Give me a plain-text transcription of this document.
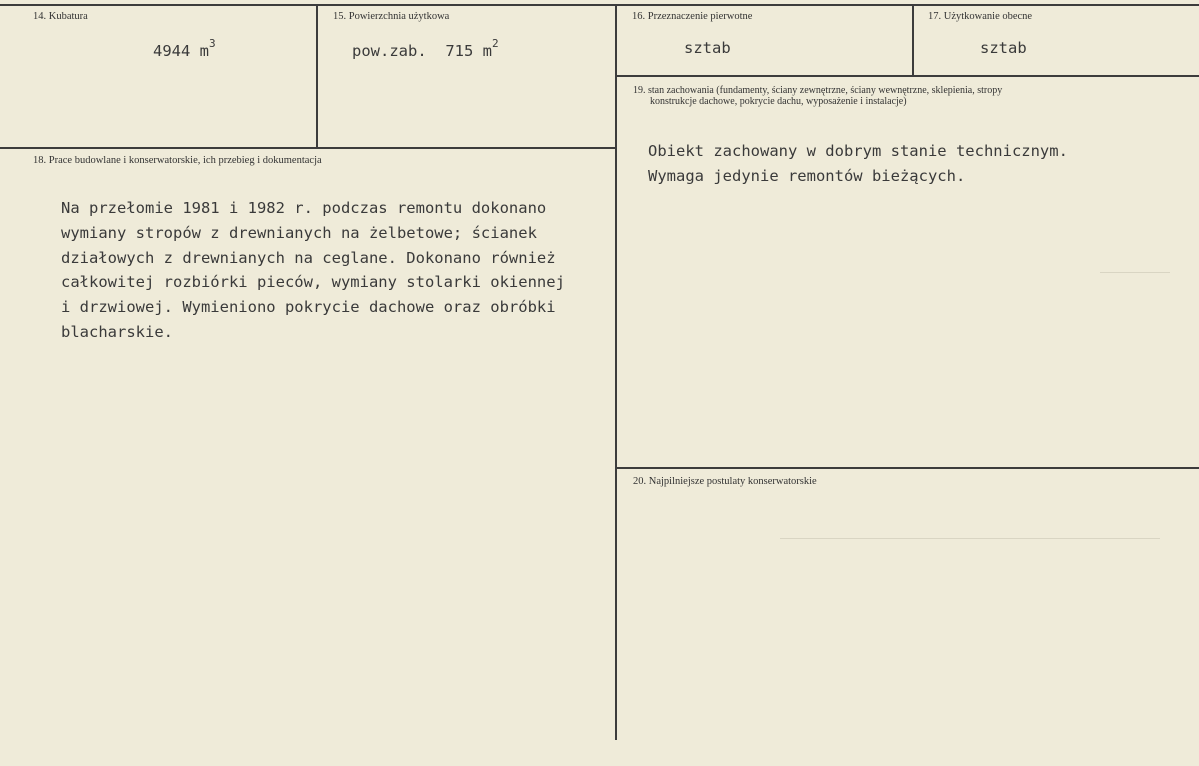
14. Kubatura
4944 $m^3$
15. Powierzchnia użytkowa
pow.zab.  715 $m^2$
16. Przeznaczenie pierwotne
sztab
17. Użytkowanie obecne
sztab
18. Prace budowlane i konserwatorskie, ich przebieg i dokumentacja
Na przełomie 1981 i 1982 r. podczas remontu dokonano
wymiany stropów z drewnianych na żelbetowe; ścianek
działowych z drewnianych na ceglane. Dokonano również
całkowitej rozbiórki pieców, wymiany stolarki okiennej
i drzwiowej. Wymieniono pokrycie dachowe oraz obróbki
blacharskie.
19. stan zachowania (fundamenty, ściany zewnętrzne, ściany wewnętrzne, sklepienia, stropy
konstrukcje dachowe, pokrycie dachu, wyposażenie i instalacje)
Obiekt zachowany w dobrym stanie technicznym.
Wymaga jedynie remontów bieżących.
20. Najpilniejsze postulaty konserwatorskie
